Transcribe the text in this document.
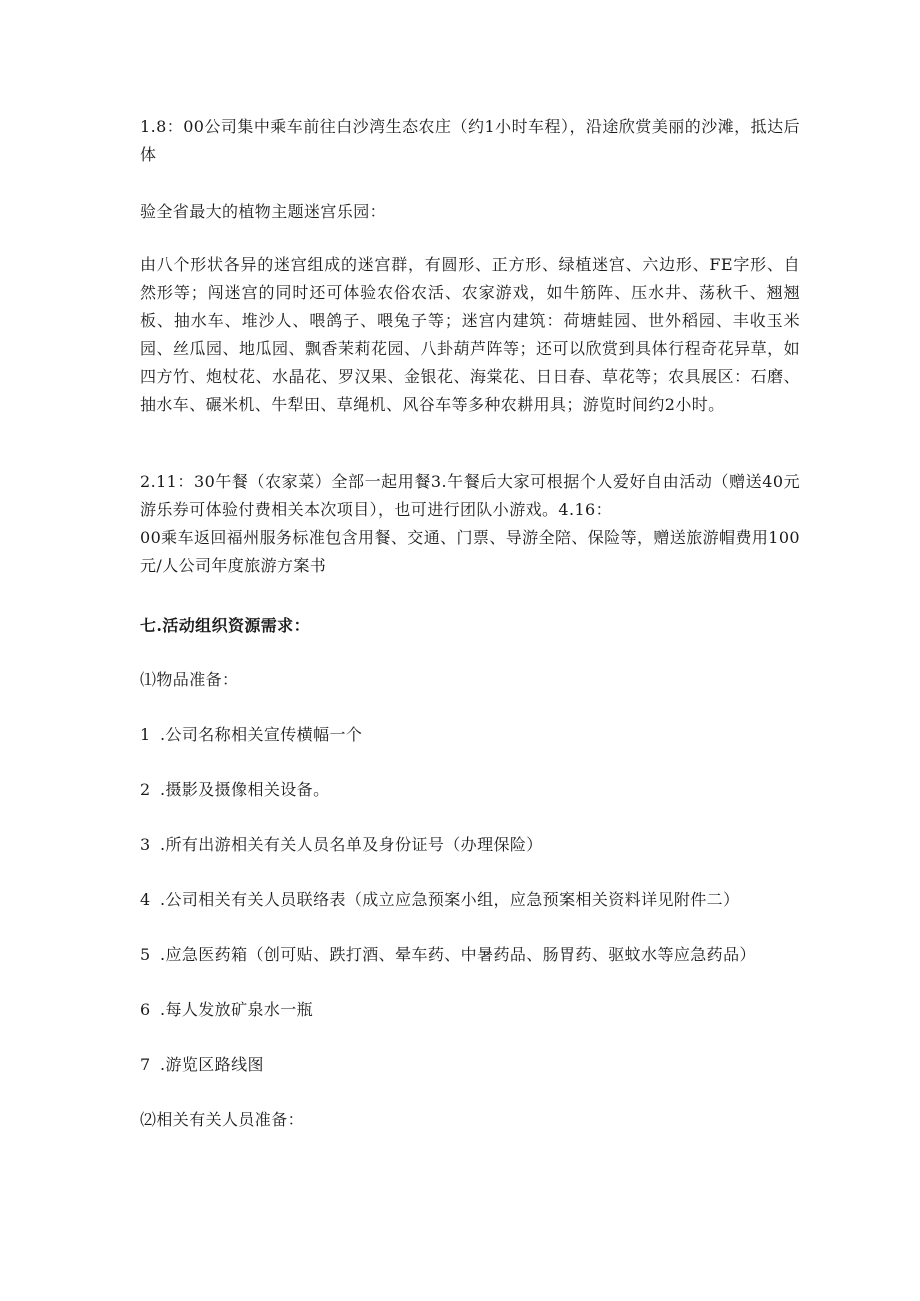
1.8：00公司集中乘车前往白沙湾生态农庄（约1小时车程），沿途欣赏美丽的沙滩，抵达后体

验全省最大的植物主题迷宫乐园：

由八个形状各异的迷宫组成的迷宫群，有圆形、正方形、绿植迷宫、六边形、FE字形、自然形等；闯迷宫的同时还可体验农俗农活、农家游戏，如牛筋阵、压水井、荡秋千、翘翘板、抽水车、堆沙人、喂鸽子、喂兔子等；迷宫内建筑：荷塘蛙园、世外稻园、丰收玉米园、丝瓜园、地瓜园、飘香茉莉花园、八卦葫芦阵等；还可以欣赏到具体行程奇花异草，如四方竹、炮杖花、水晶花、罗汉果、金银花、海棠花、日日春、草花等；农具展区：石磨、抽水车、碾米机、牛犁田、草绳机、风谷车等多种农耕用具；游览时间约2小时。

2.11：30午餐（农家菜）全部一起用餐3.午餐后大家可根据个人爱好自由活动（赠送40元游乐券可体验付费相关本次项目），也可进行团队小游戏。4.16：

00乘车返回福州服务标准包含用餐、交通、门票、导游全陪、保险等，赠送旅游帽费用100元/人公司年度旅游方案书

七.活动组织资源需求：

⑴物品准备：

1 .公司名称相关宣传横幅一个

2 .摄影及摄像相关设备。

3 .所有出游相关有关人员名单及身份证号（办理保险）

4 .公司相关有关人员联络表（成立应急预案小组，应急预案相关资料详见附件二）

5 .应急医药箱（创可贴、跌打酒、晕车药、中暑药品、肠胃药、驱蚊水等应急药品）

6 .每人发放矿泉水一瓶

7 .游览区路线图

⑵相关有关人员准备：
